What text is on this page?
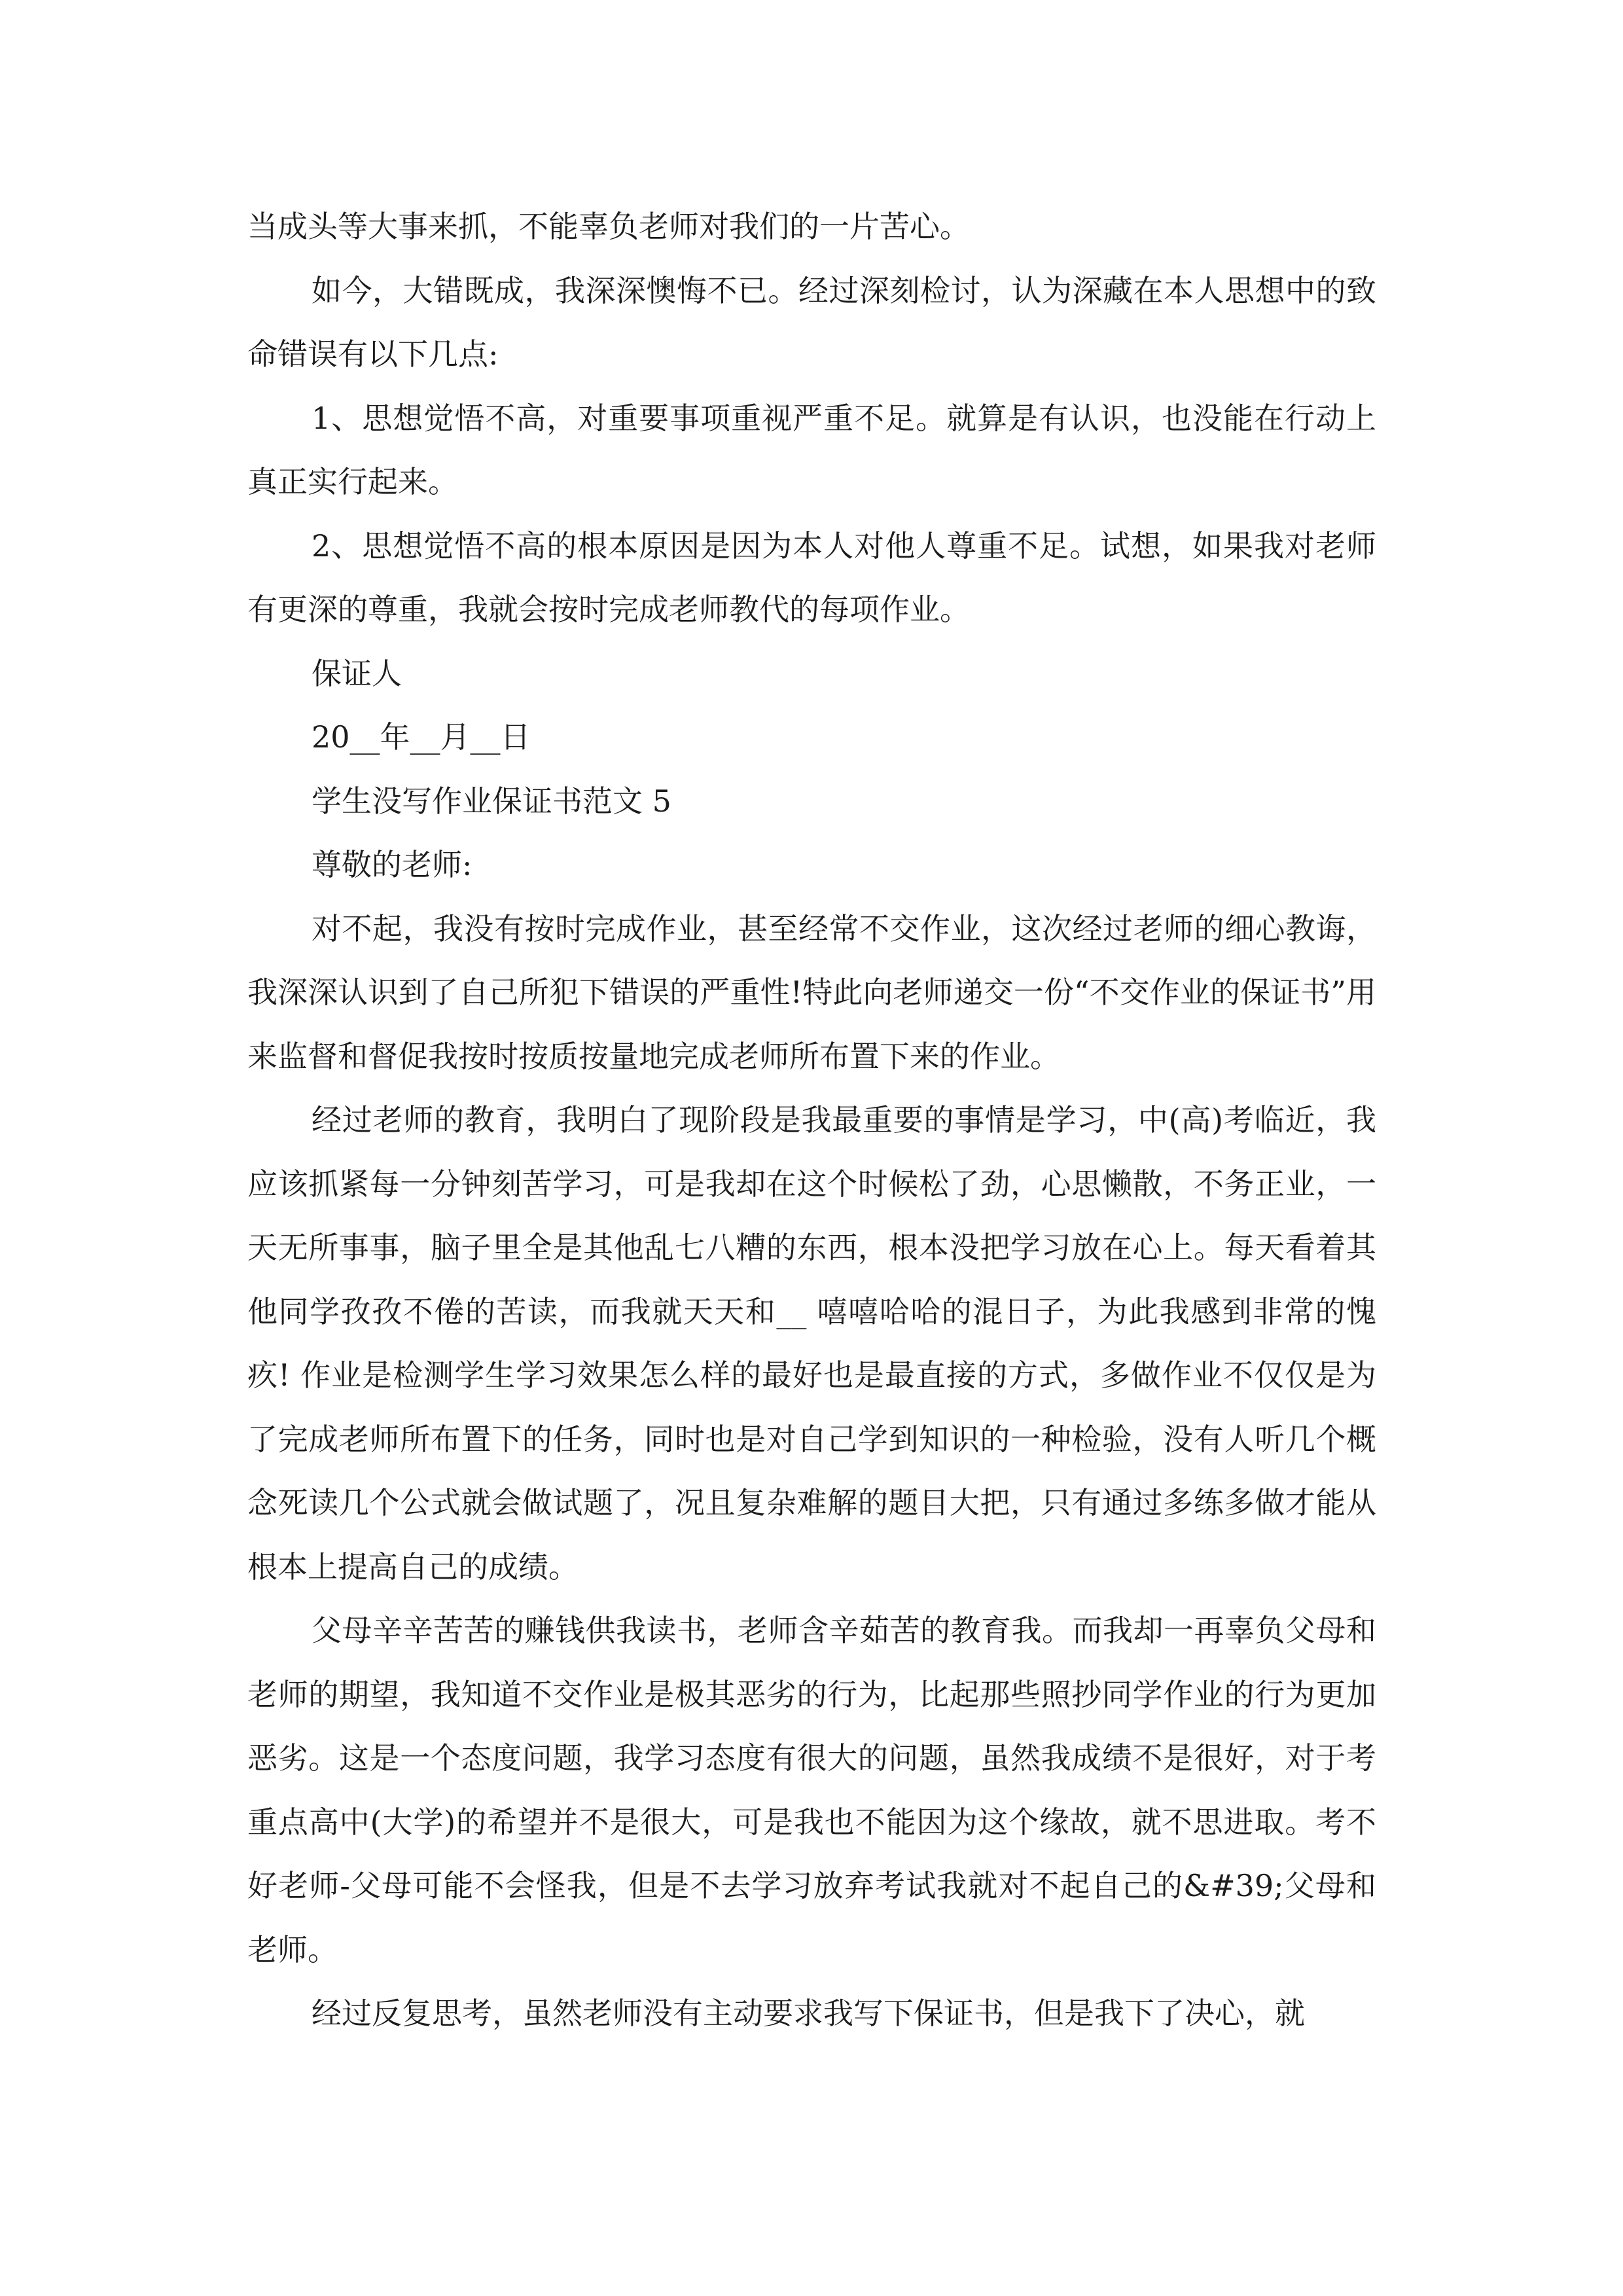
当成头等大事来抓，不能辜负老师对我们的一片苦心。

如今，大错既成，我深深懊悔不已。经过深刻检讨，认为深藏在本人思想中的致命错误有以下几点:

1、思想觉悟不高，对重要事项重视严重不足。就算是有认识，也没能在行动上真正实行起来。

2、思想觉悟不高的根本原因是因为本人对他人尊重不足。试想，如果我对老师有更深的尊重，我就会按时完成老师教代的每项作业。

保证人

20__年__月__日

学生没写作业保证书范文 5

尊敬的老师:

对不起，我没有按时完成作业，甚至经常不交作业，这次经过老师的细心教诲，我深深认识到了自己所犯下错误的严重性!特此向老师递交一份“不交作业的保证书”用来监督和督促我按时按质按量地完成老师所布置下来的作业。

经过老师的教育，我明白了现阶段是我最重要的事情是学习，中(高)考临近，我应该抓紧每一分钟刻苦学习，可是我却在这个时候松了劲，心思懒散，不务正业，一天无所事事，脑子里全是其他乱七八糟的东西，根本没把学习放在心上。每天看着其他同学孜孜不倦的苦读，而我就天天和__ 嘻嘻哈哈的混日子，为此我感到非常的愧疚! 作业是检测学生学习效果怎么样的最好也是最直接的方式，多做作业不仅仅是为了完成老师所布置下的任务，同时也是对自己学到知识的一种检验，没有人听几个概念死读几个公式就会做试题了，况且复杂难解的题目大把，只有通过多练多做才能从根本上提高自己的成绩。

父母辛辛苦苦的赚钱供我读书，老师含辛茹苦的教育我。而我却一再辜负父母和老师的期望，我知道不交作业是极其恶劣的行为，比起那些照抄同学作业的行为更加恶劣。这是一个态度问题，我学习态度有很大的问题，虽然我成绩不是很好，对于考重点高中(大学)的希望并不是很大，可是我也不能因为这个缘故，就不思进取。考不好老师-父母可能不会怪我，但是不去学习放弃考试我就对不起自己的&#39;父母和老师。

经过反复思考，虽然老师没有主动要求我写下保证书，但是我下了决心，就
